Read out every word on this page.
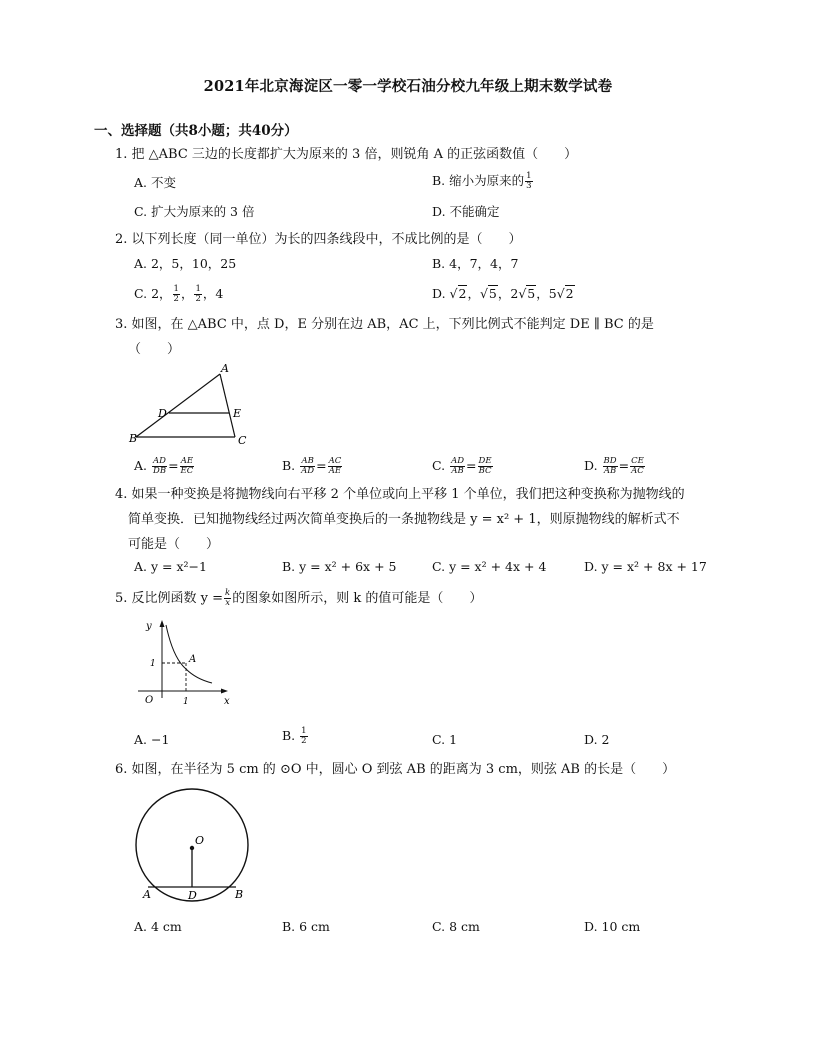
2021年北京海淀区一零一学校石油分校九年级上期末数学试卷
一、选择题（共8小题；共40分）
1. 把 △ABC 三边的长度都扩大为原来的 3 倍，则锐角 A 的正弦函数值（　　）
A. 不变	B. 缩小为原来的 $\frac{1}{3}$
C. 扩大为原来的 3 倍	D. 不能确定
2. 以下列长度（同一单位）为长的四条线段中，不成比例的是（　　）
A. 2，5，10，25	B. 4，7，4，7
C. 2， $\frac{1}{2}$ ， $\frac{1}{2}$ ，4	D. √2，√5，2√5，5√2
3. 如图，在 △ABC 中，点 D，E 分别在边 AB，AC 上，下列比例式不能判定 DE ∥ BC 的是
（　　）
A
B	C
D	E
A. $\frac{AD}{DB} = \frac{AE}{EC}$	B. $\frac{AB}{AD} = \frac{AC}{AE}$	C. $\frac{AD}{AB} = \frac{DE}{BC}$	D. $\frac{BD}{AB} = \frac{CE}{AC}$
4. 如果一种变换是将抛物线向右平移 2 个单位或向上平移 1 个单位，我们把这种变换称为抛物线的
简单变换．已知抛物线经过两次简单变换后的一条抛物线是 y = x² + 1，则原抛物线的解析式不
可能是（　　）
A. y = x²−1	B. y = x² + 6x + 5	C. y = x² + 4x + 4	D. y = x² + 8x + 17
5. 反比例函数 $y = \frac{k}{x}$ 的图象如图所示，则 k 的值可能是（　　）
y
x
O	1
1	A
A. −1	B. $\frac{1}{2}$	C. 1	D. 2
6. 如图，在半径为 5 cm 的 ⊙O 中，圆心 O 到弦 AB 的距离为 3 cm，则弦 AB 的长是（　　）
O
A	B
D
A. 4 cm	B. 6 cm	C. 8 cm	D. 10 cm
